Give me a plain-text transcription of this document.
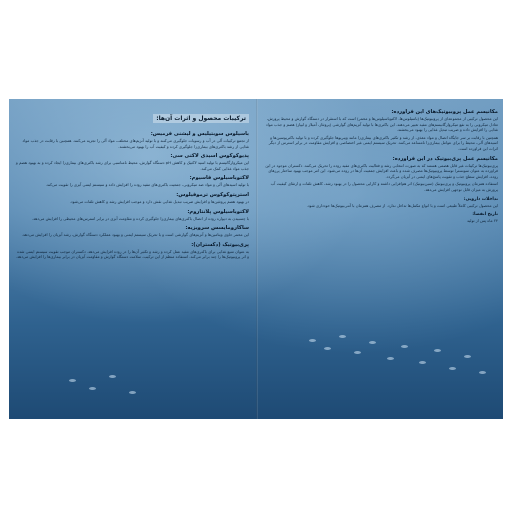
ترکیبات محصول و اثرات آن‌ها:
باسیلوس سوبتیلیس و لیشنی فرمیس:
از تجمع ترکیبات آلی در آب و رسوبات جلوگیری می‌کنند و با تولید آنزیم‌های مختلف، مواد آلی را تجزیه می‌کنند. همچنین با رقابت در جذب مواد غذایی از رشد باکتری‌های بیماری‌زا جلوگیری کرده و کیفیت آب را بهبود می‌بخشند.
پدیوکوکوس اسیدی لاکتی سی:
این میکروارگانیسم با تولید اسید لاکتیک و کاهش pH دستگاه گوارش، محیط نامناسبی برای رشد باکتری‌های بیماری‌زا ایجاد کرده و به بهبود هضم و جذب مواد غذایی کمک می‌کند.
لاکتوباسیلوس فاسیوم:
با تولید اسیدهای آلی و مواد ضد میکروبی، جمعیت باکتری‌های مفید روده را افزایش داده و سیستم ایمنی آبزی را تقویت می‌کند.
استرپتوکوکوس ترموفیلوس:
در بهبود هضم پروتئین‌ها و افزایش ضریب تبدیل غذایی نقش دارد و موجب افزایش رشد و کاهش تلفات می‌شود.
لاکتوباسیلوس پلانتاروم:
با چسبیدن به دیواره روده از اتصال باکتری‌های بیماری‌زا جلوگیری کرده و مقاومت آبزی در برابر استرس‌های محیطی را افزایش می‌دهد.
ساکارومایسس سرویزیه:
این مخمر حاوی ویتامین‌ها و آنزیم‌های گوارشی است و با تحریک سیستم ایمنی و بهبود عملکرد دستگاه گوارش، رشد آبزیان را افزایش می‌دهد.
پری‌بیوتیک (دکستران):
به عنوان منبع غذایی برای باکتری‌های مفید عمل کرده و رشد و تکثیر آن‌ها را در روده افزایش می‌دهد. دکستران موجب تقویت سیستم ایمنی شده و اثر پروبیوتیک‌ها را چند برابر می‌کند. استفاده منظم از این ترکیب، سلامت دستگاه گوارش و مقاومت آبزیان در برابر بیماری‌ها را افزایش می‌دهد.
مکانیسم عمل پروبیوتیک‌های این فراورده:
این محصول ترکیبی از مجموعه‌ای از پروبیوتیک‌ها (باسیلوس‌ها، لاکتوباسیلوس‌ها و مخمر) است که با استقرار در دستگاه گوارش و محیط پرورش، تعادل میکروبی را به نفع میکروارگانیسم‌های مفید تغییر می‌دهند. این باکتری‌ها با تولید آنزیم‌های گوارشی (پروتئاز، آمیلاز و لیپاز) هضم و جذب مواد غذایی را افزایش داده و ضریب تبدیل غذایی را بهبود می‌بخشند.
همچنین با رقابت بر سر جایگاه اتصال و مواد مغذی، از رشد و تکثیر باکتری‌های بیماری‌زا مانند ویبریوها جلوگیری کرده و با تولید باکتریوسین‌ها و اسیدهای آلی، محیط را برای عوامل بیماری‌زا نامساعد می‌کنند. تحریک سیستم ایمنی غیر اختصاصی و افزایش مقاومت در برابر استرس از دیگر اثرات این فراورده است.
مکانیسم عمل پری‌بیوتیک در این فراورده:
پری‌بیوتیک‌ها ترکیبات غیر قابل هضمی هستند که به صورت انتخابی رشد و فعالیت باکتری‌های مفید روده را تحریک می‌کنند. دکستران موجود در این فراورده به عنوان سوبسترا توسط پروبیوتیک‌ها مصرف شده و باعث افزایش جمعیت آن‌ها در روده می‌شود. این امر موجب بهبود ساختار پرزهای روده، افزایش سطح جذب و تقویت پاسخ‌های ایمنی در آبزیان می‌گردد.
استفاده همزمان پروبیوتیک و پری‌بیوتیک (سین‌بیوتیک) اثر هم‌افزایی داشته و کارایی محصول را در بهبود رشد، کاهش تلفات و ارتقای کیفیت آب پرورش به میزان قابل توجهی افزایش می‌دهد.
تداخلات دارویی:
این محصول ترکیبی کاملاً طبیعی است و با انواع مکمل‌ها تداخل ندارد. از مصرف همزمان با آنتی‌بیوتیک‌ها خودداری شود.
تاریخ انقضا:
۲۴ ماه پس از تولید
